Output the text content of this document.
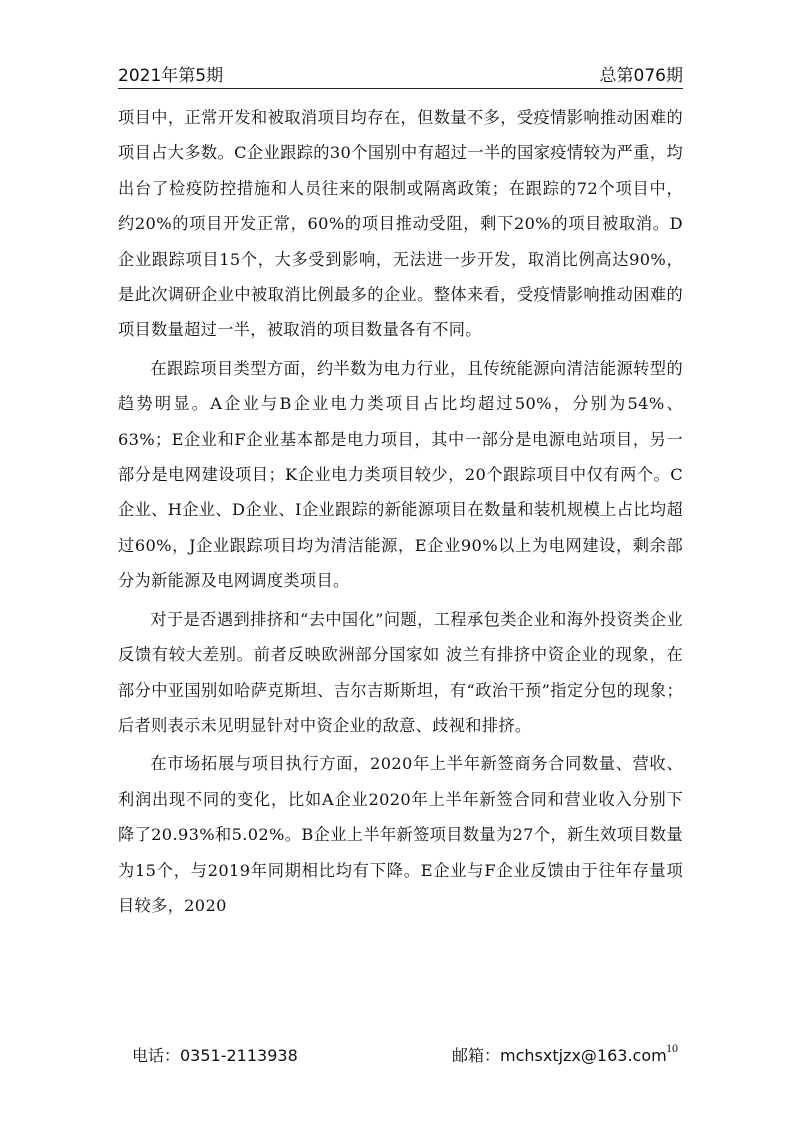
2021年第5期	总第076期

项目中，正常开发和被取消项目均存在，但数量不多，受疫情影响推动困难的项目占大多数。C企业跟踪的30个国别中有超过一半的国家疫情较为严重，均出台了检疫防控措施和人员往来的限制或隔离政策；在跟踪的72个项目中，约20%的项目开发正常，60%的项目推动受阻，剩下20%的项目被取消。D企业跟踪项目15个，大多受到影响，无法进一步开发，取消比例高达90%，是此次调研企业中被取消比例最多的企业。整体来看，受疫情影响推动困难的项目数量超过一半，被取消的项目数量各有不同。

在跟踪项目类型方面，约半数为电力行业，且传统能源向清洁能源转型的趋势明显。A企业与B企业电力类项目占比均超过50%，分别为54%、63%；E企业和F企业基本都是电力项目，其中一部分是电源电站项目，另一部分是电网建设项目；K企业电力类项目较少，20个跟踪项目中仅有两个。C企业、H企业、D企业、I企业跟踪的新能源项目在数量和装机规模上占比均超过60%，J企业跟踪项目均为清洁能源，E企业90%以上为电网建设，剩余部分为新能源及电网调度类项目。

对于是否遇到排挤和“去中国化”问题，工程承包类企业和海外投资类企业反馈有较大差别。前者反映欧洲部分国家如 波兰有排挤中资企业的现象，在部分中亚国别如哈萨克斯坦、吉尔吉斯斯坦，有“政治干预”指定分包的现象；后者则表示未见明显针对中资企业的敌意、歧视和排挤。

在市场拓展与项目执行方面，2020年上半年新签商务合同数量、营收、利润出现不同的变化，比如A企业2020年上半年新签合同和营业收入分别下降了20.93%和5.02%。B企业上半年新签项目数量为27个，新生效项目数量为15个，与2019年同期相比均有下降。E企业与F企业反馈由于往年存量项目较多，2020

电话：0351-2113938	邮箱：mchsxtjzx@163.com 10
